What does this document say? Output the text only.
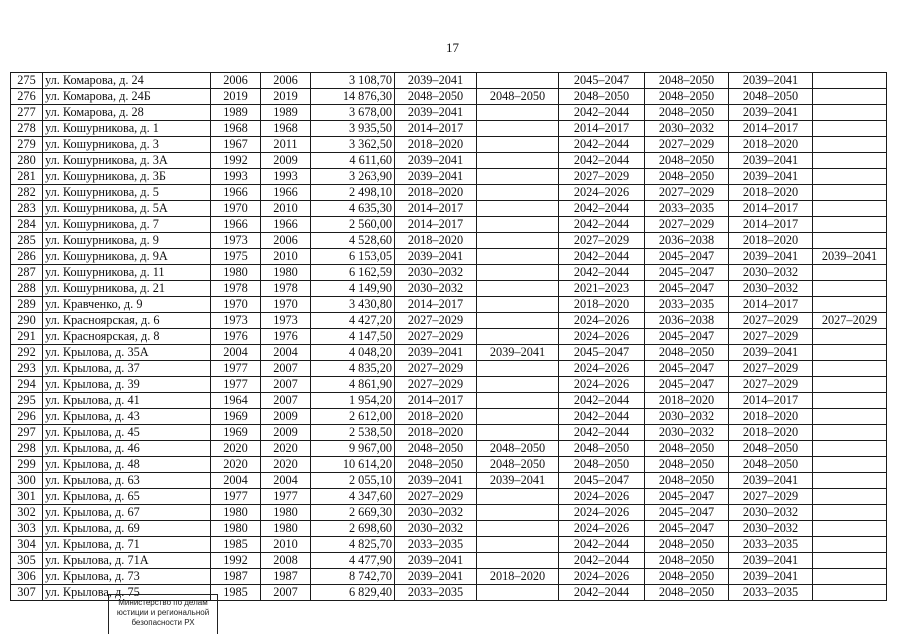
17
275	ул. Комарова, д. 24	2006	2006	3 108,70	2039–2041		2045–2047	2048–2050	2039–2041	
276	ул. Комарова, д. 24Б	2019	2019	14 876,30	2048–2050	2048–2050	2048–2050	2048–2050	2048–2050	
277	ул. Комарова, д. 28	1989	1989	3 678,00	2039–2041		2042–2044	2048–2050	2039–2041	
278	ул. Кошурникова, д. 1	1968	1968	3 935,50	2014–2017		2014–2017	2030–2032	2014–2017	
279	ул. Кошурникова, д. 3	1967	2011	3 362,50	2018–2020		2042–2044	2027–2029	2018–2020	
280	ул. Кошурникова, д. 3А	1992	2009	4 611,60	2039–2041		2042–2044	2048–2050	2039–2041	
281	ул. Кошурникова, д. 3Б	1993	1993	3 263,90	2039–2041		2027–2029	2048–2050	2039–2041	
282	ул. Кошурникова, д. 5	1966	1966	2 498,10	2018–2020		2024–2026	2027–2029	2018–2020	
283	ул. Кошурникова, д. 5А	1970	2010	4 635,30	2014–2017		2042–2044	2033–2035	2014–2017	
284	ул. Кошурникова, д. 7	1966	1966	2 560,00	2014–2017		2042–2044	2027–2029	2014–2017	
285	ул. Кошурникова, д. 9	1973	2006	4 528,60	2018–2020		2027–2029	2036–2038	2018–2020	
286	ул. Кошурникова, д. 9А	1975	2010	6 153,05	2039–2041		2042–2044	2045–2047	2039–2041	2039–2041
287	ул. Кошурникова, д. 11	1980	1980	6 162,59	2030–2032		2042–2044	2045–2047	2030–2032	
288	ул. Кошурникова, д. 21	1978	1978	4 149,90	2030–2032		2021–2023	2045–2047	2030–2032	
289	ул. Кравченко, д. 9	1970	1970	3 430,80	2014–2017		2018–2020	2033–2035	2014–2017	
290	ул. Красноярская, д. 6	1973	1973	4 427,20	2027–2029		2024–2026	2036–2038	2027–2029	2027–2029
291	ул. Красноярская, д. 8	1976	1976	4 147,50	2027–2029		2024–2026	2045–2047	2027–2029	
292	ул. Крылова, д. 35А	2004	2004	4 048,20	2039–2041	2039–2041	2045–2047	2048–2050	2039–2041	
293	ул. Крылова, д. 37	1977	2007	4 835,20	2027–2029		2024–2026	2045–2047	2027–2029	
294	ул. Крылова, д. 39	1977	2007	4 861,90	2027–2029		2024–2026	2045–2047	2027–2029	
295	ул. Крылова, д. 41	1964	2007	1 954,20	2014–2017		2042–2044	2018–2020	2014–2017	
296	ул. Крылова, д. 43	1969	2009	2 612,00	2018–2020		2042–2044	2030–2032	2018–2020	
297	ул. Крылова, д. 45	1969	2009	2 538,50	2018–2020		2042–2044	2030–2032	2018–2020	
298	ул. Крылова, д. 46	2020	2020	9 967,00	2048–2050	2048–2050	2048–2050	2048–2050	2048–2050	
299	ул. Крылова, д. 48	2020	2020	10 614,20	2048–2050	2048–2050	2048–2050	2048–2050	2048–2050	
300	ул. Крылова, д. 63	2004	2004	2 055,10	2039–2041	2039–2041	2045–2047	2048–2050	2039–2041	
301	ул. Крылова, д. 65	1977	1977	4 347,60	2027–2029		2024–2026	2045–2047	2027–2029	
302	ул. Крылова, д. 67	1980	1980	2 669,30	2030–2032		2024–2026	2045–2047	2030–2032	
303	ул. Крылова, д. 69	1980	1980	2 698,60	2030–2032		2024–2026	2045–2047	2030–2032	
304	ул. Крылова, д. 71	1985	2010	4 825,70	2033–2035		2042–2044	2048–2050	2033–2035	
305	ул. Крылова, д. 71А	1992	2008	4 477,90	2039–2041		2042–2044	2048–2050	2039–2041	
306	ул. Крылова, д. 73	1987	1987	8 742,70	2039–2041	2018–2020	2024–2026	2048–2050	2039–2041	
307	ул. Крылова, д. 75	1985	2007	6 829,40	2033–2035		2042–2044	2048–2050	2033–2035	
Министерство по делам
юстиции и региональной
безопасности РХ
